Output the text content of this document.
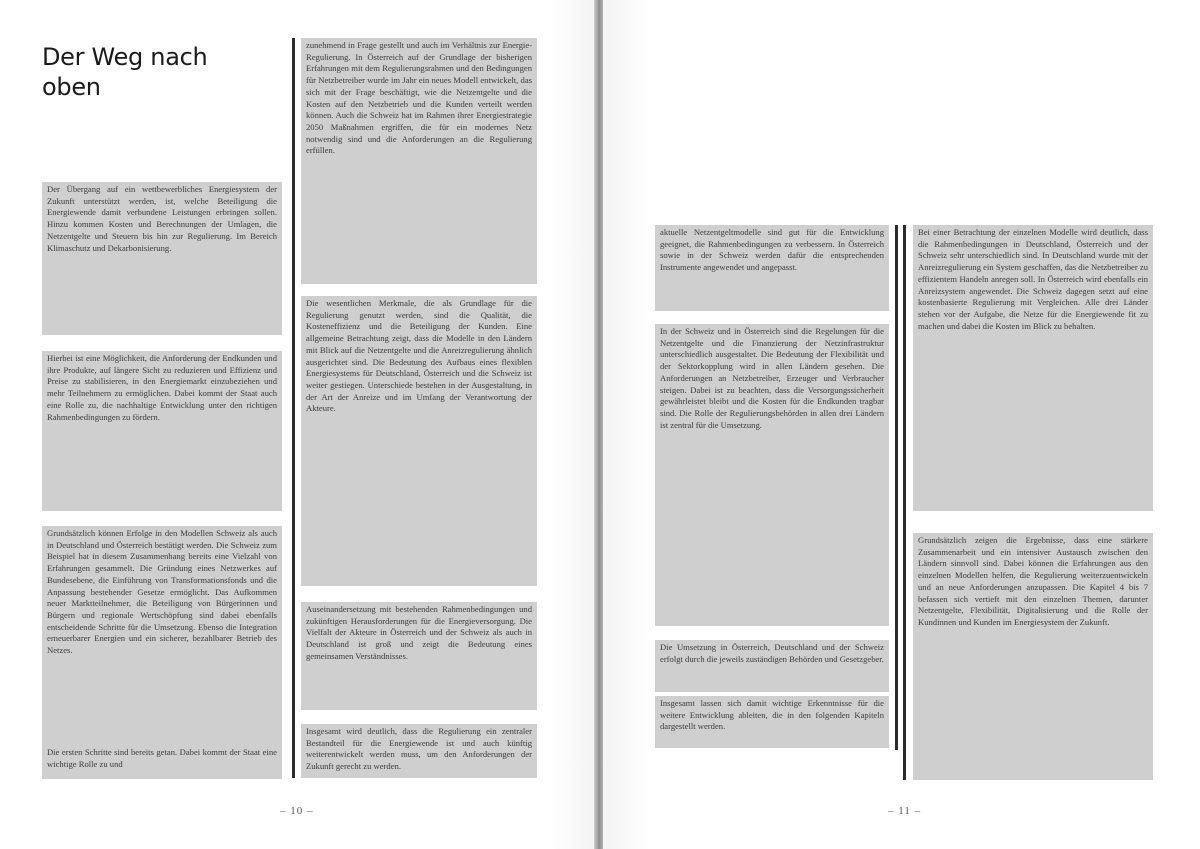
Der Weg nach
oben
Der Übergang auf ein wettbewerbliches Energiesystem der Zukunft unterstützt werden, ist, welche Beteiligung die Energiewende damit verbundene Leistungen erbringen sollen. Hinzu kommen Kosten und Berechnungen der Umlagen, die Netzentgelte und Steuern bis hin zur Regulierung. Im Bereich Klimaschutz und Dekarbonisierung.
Hierbei ist eine Möglichkeit, die Anforderung der Endkunden und ihre Produkte, auf längere Sicht zu reduzieren und Effizienz und Preise zu stabilisieren, in den Energiemarkt einzubeziehen und mehr Teilnehmern zu ermöglichen. Dabei kommt der Staat auch eine Rolle zu, die nachhaltige Entwicklung unter den richtigen Rahmenbedingungen zu fördern.
Grundsätzlich können Erfolge in den Modellen Schweiz als auch in Deutschland und Österreich bestätigt werden. Die Schweiz zum Beispiel hat in diesem Zusammenhang bereits eine Vielzahl von Erfahrungen gesammelt. Die Gründung eines Netzwerkes auf Bundesebene, die Einführung von Transformationsfonds und die Anpassung bestehender Gesetze ermöglicht. Das Aufkommen neuer Marktteilnehmer, die Beteiligung von Bürgerinnen und Bürgern und regionale Wertschöpfung sind dabei ebenfalls entscheidende Schritte für die Umsetzung. Ebenso die Integration erneuerbarer Energien und ein sicherer, bezahlbarer Betrieb des Netzes.
Die ersten Schritte sind bereits getan. Dabei kommt der Staat eine wichtige Rolle zu und
zunehmend in Frage gestellt und auch im Verhältnis zur Energie-Regulierung. In Österreich auf der Grundlage der bisherigen Erfahrungen mit dem Regulierungsrahmen und den Bedingungen für Netzbetreiber wurde im Jahr ein neues Modell entwickelt, das sich mit der Frage beschäftigt, wie die Netzentgelte und die Kosten auf den Netzbetrieb und die Kunden verteilt werden können. Auch die Schweiz hat im Rahmen ihrer Energiestrategie 2050 Maßnahmen ergriffen, die für ein modernes Netz notwendig sind und die Anforderungen an die Regulierung erfüllen.
Die wesentlichen Merkmale, die als Grundlage für die Regulierung genutzt werden, sind die Qualität, die Kosteneffizienz und die Beteiligung der Kunden. Eine allgemeine Betrachtung zeigt, dass die Modelle in den Ländern mit Blick auf die Netzentgelte und die Anreizregulierung ähnlich ausgerichtet sind. Die Bedeutung des Aufbaus eines flexiblen Energiesystems für Deutschland, Österreich und die Schweiz ist weiter gestiegen. Unterschiede bestehen in der Ausgestaltung, in der Art der Anreize und im Umfang der Verantwortung der Akteure.
Auseinandersetzung mit bestehenden Rahmenbedingungen und zukünftigen Herausforderungen für die Energieversorgung. Die Vielfalt der Akteure in Österreich und der Schweiz als auch in Deutschland ist groß und zeigt die Bedeutung eines gemeinsamen Verständnisses.
Insgesamt wird deutlich, dass die Regulierung ein zentraler Bestandteil für die Energiewende ist und auch künftig weiterentwickelt werden muss, um den Anforderungen der Zukunft gerecht zu werden.
– 10 –
aktuelle Netzentgeltmodelle sind gut für die Entwicklung geeignet, die Rahmenbedingungen zu verbessern. In Österreich sowie in der Schweiz werden dafür die entsprechenden Instrumente angewendet und angepasst.
In der Schweiz und in Österreich sind die Regelungen für die Netzentgelte und die Finanzierung der Netzinfrastruktur unterschiedlich ausgestaltet. Die Bedeutung der Flexibilität und der Sektorkopplung wird in allen Ländern gesehen. Die Anforderungen an Netzbetreiber, Erzeuger und Verbraucher steigen. Dabei ist zu beachten, dass die Versorgungssicherheit gewährleistet bleibt und die Kosten für die Endkunden tragbar sind. Die Rolle der Regulierungsbehörden in allen drei Ländern ist zentral für die Umsetzung.
Die Umsetzung in Österreich, Deutschland und der Schweiz erfolgt durch die jeweils zuständigen Behörden und Gesetzgeber.
Insgesamt lassen sich damit wichtige Erkenntnisse für die weitere Entwicklung ableiten, die in den folgenden Kapiteln dargestellt werden.
Bei einer Betrachtung der einzelnen Modelle wird deutlich, dass die Rahmenbedingungen in Deutschland, Österreich und der Schweiz sehr unterschiedlich sind. In Deutschland wurde mit der Anreizregulierung ein System geschaffen, das die Netzbetreiber zu effizientem Handeln anregen soll. In Österreich wird ebenfalls ein Anreizsystem angewendet. Die Schweiz dagegen setzt auf eine kostenbasierte Regulierung mit Vergleichen. Alle drei Länder stehen vor der Aufgabe, die Netze für die Energiewende fit zu machen und dabei die Kosten im Blick zu behalten.
Grundsätzlich zeigen die Ergebnisse, dass eine stärkere Zusammenarbeit und ein intensiver Austausch zwischen den Ländern sinnvoll sind. Dabei können die Erfahrungen aus den einzelnen Modellen helfen, die Regulierung weiterzuentwickeln und an neue Anforderungen anzupassen. Die Kapitel 4 bis 7 befassen sich vertieft mit den einzelnen Themen, darunter Netzentgelte, Flexibilität, Digitalisierung und die Rolle der Kundinnen und Kunden im Energiesystem der Zukunft.
– 11 –
